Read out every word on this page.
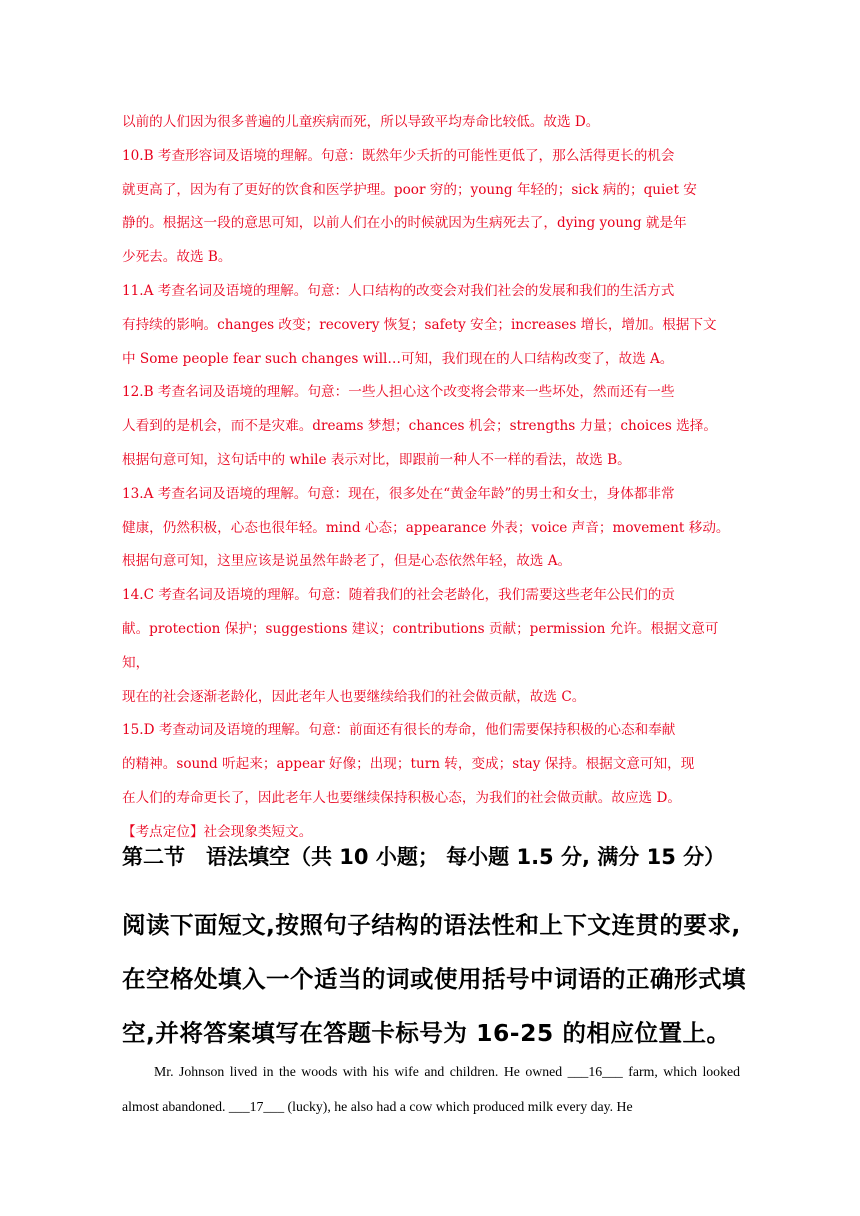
以前的人们因为很多普遍的儿童疾病而死，所以导致平均寿命比较低。故选 D。

10.B 考查形容词及语境的理解。句意：既然年少夭折的可能性更低了，那么活得更长的机会

就更高了，因为有了更好的饮食和医学护理。poor 穷的；young 年轻的；sick 病的；quiet 安

静的。根据这一段的意思可知，以前人们在小的时候就因为生病死去了，dying young 就是年

少死去。故选 B。

11.A 考查名词及语境的理解。句意：人口结构的改变会对我们社会的发展和我们的生活方式

有持续的影响。changes 改变；recovery 恢复；safety 安全；increases 增长，增加。根据下文

中 Some people fear such changes will…可知，我们现在的人口结构改变了，故选 A。

12.B 考查名词及语境的理解。句意：一些人担心这个改变将会带来一些坏处，然而还有一些

人看到的是机会，而不是灾难。dreams 梦想；chances 机会；strengths 力量；choices 选择。

根据句意可知，这句话中的 while 表示对比，即跟前一种人不一样的看法，故选 B。

13.A 考查名词及语境的理解。句意：现在，很多处在“黄金年龄”的男士和女士，身体都非常

健康，仍然积极，心态也很年轻。mind 心态；appearance 外表；voice 声音；movement 移动。

根据句意可知，这里应该是说虽然年龄老了，但是心态依然年轻，故选 A。

14.C 考查名词及语境的理解。句意：随着我们的社会老龄化，我们需要这些老年公民们的贡

献。protection 保护；suggestions 建议；contributions 贡献；permission 允许。根据文意可知，

现在的社会逐渐老龄化，因此老年人也要继续给我们的社会做贡献，故选 C。

15.D 考查动词及语境的理解。句意：前面还有很长的寿命，他们需要保持积极的心态和奉献

的精神。sound 听起来；appear 好像；出现；turn 转，变成；stay 保持。根据文意可知，现

在人们的寿命更长了，因此老年人也要继续保持积极心态，为我们的社会做贡献。故应选 D。

【考点定位】社会现象类短文。

第二节　语法填空（共 10 小题； 每小题 1.5 分, 满分 15 分）

阅读下面短文,按照句子结构的语法性和上下文连贯的要求,在空格处填入一个适当的词或使用括号中词语的正确形式填空,并将答案填写在答题卡标号为 16-25 的相应位置上。

Mr. Johnson lived in the woods with his wife and children. He owned ___16___ farm, which looked almost abandoned. ___17___ (lucky), he also had a cow which produced milk every day. He
